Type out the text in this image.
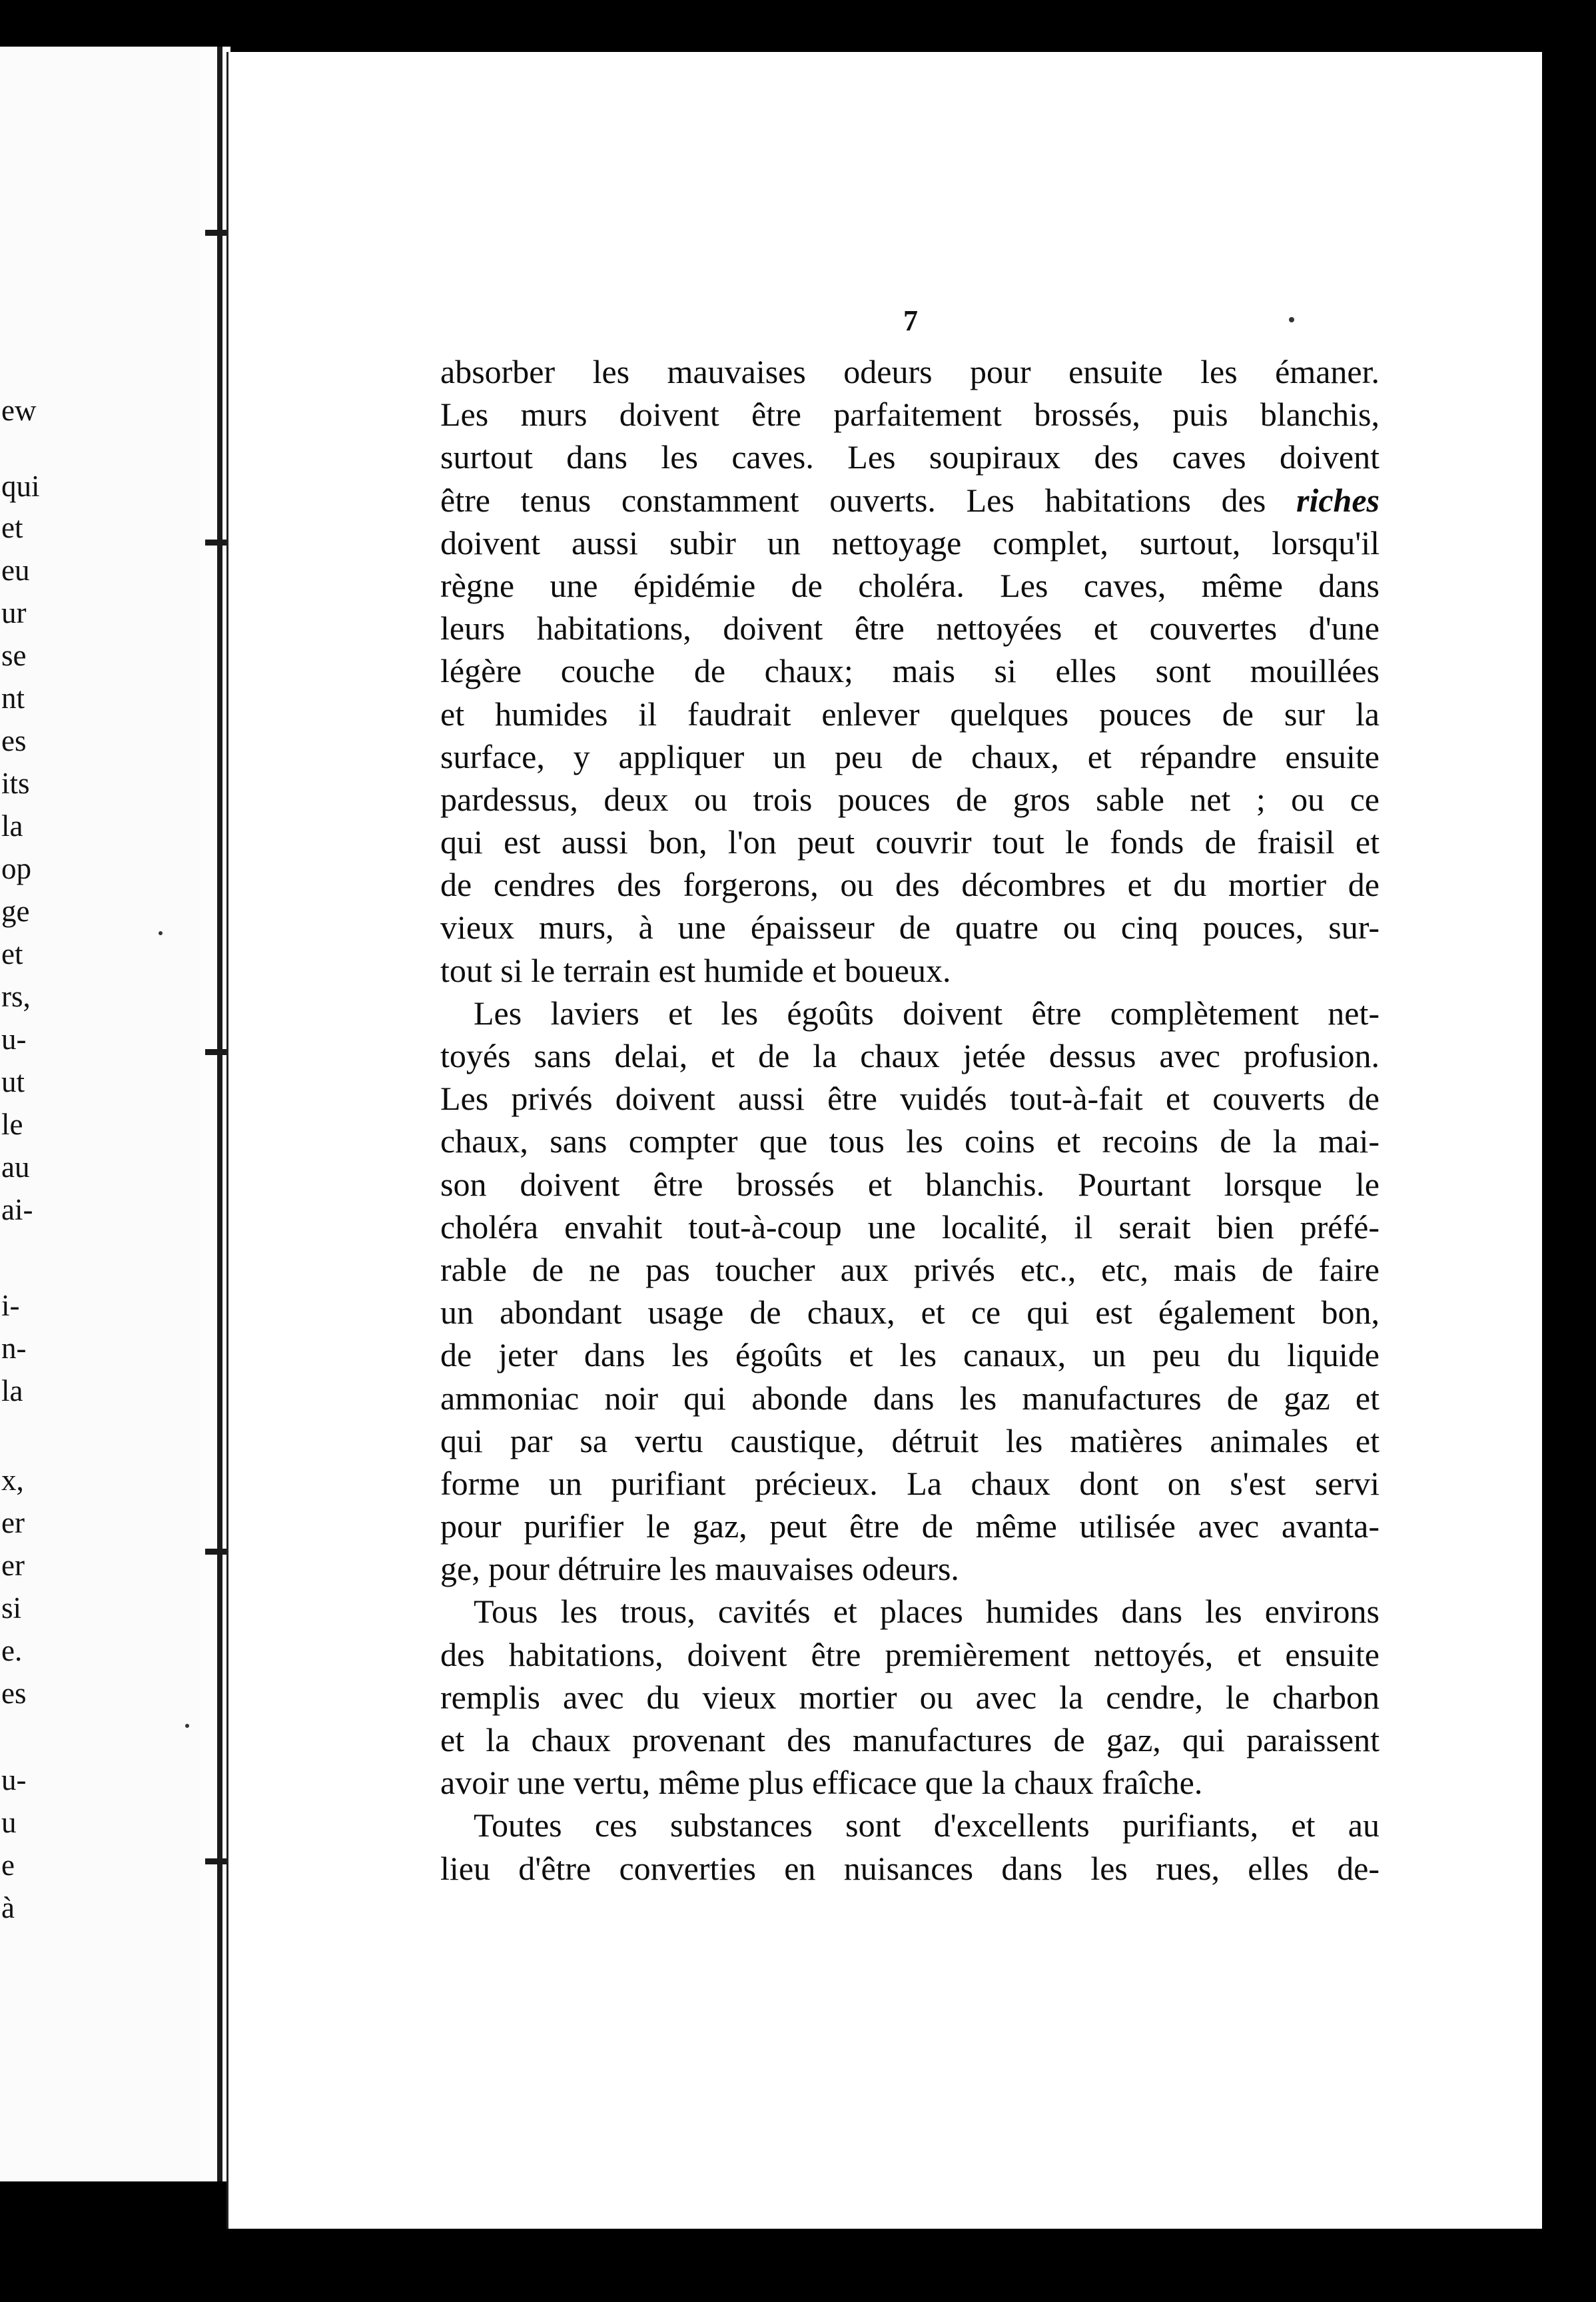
ew
qui
et
eu
ur
se
nt
es
its
la
op
ge
et
rs,
u-
ut
le
au
ai-
i-
n-
la
x,
er
er
si
e.
es
u-
u
e
à
7
absorber les mauvaises odeurs pour ensuite les émaner.
Les murs doivent être parfaitement brossés, puis blanchis,
surtout dans les caves. Les soupiraux des caves doivent
être tenus constamment ouverts. Les habitations des riches
doivent aussi subir un nettoyage complet, surtout, lorsqu'il
règne une épidémie de choléra. Les caves, même dans
leurs habitations, doivent être nettoyées et couvertes d'une
légère couche de chaux; mais si elles sont mouillées
et humides il faudrait enlever quelques pouces de sur la
surface, y appliquer un peu de chaux, et répandre ensuite
pardessus, deux ou trois pouces de gros sable net ; ou ce
qui est aussi bon, l'on peut couvrir tout le fonds de fraisil et
de cendres des forgerons, ou des décombres et du mortier de
vieux murs, à une épaisseur de quatre ou cinq pouces, sur-
tout si le terrain est humide et boueux.
Les laviers et les égoûts doivent être complètement net-
toyés sans delai, et de la chaux jetée dessus avec profusion.
Les privés doivent aussi être vuidés tout-à-fait et couverts de
chaux, sans compter que tous les coins et recoins de la mai-
son doivent être brossés et blanchis. Pourtant lorsque le
choléra envahit tout-à-coup une localité, il serait bien préfé-
rable de ne pas toucher aux privés etc., etc, mais de faire
un abondant usage de chaux, et ce qui est également bon,
de jeter dans les égoûts et les canaux, un peu du liquide
ammoniac noir qui abonde dans les manufactures de gaz et
qui par sa vertu caustique, détruit les matières animales et
forme un purifiant précieux. La chaux dont on s'est servi
pour purifier le gaz, peut être de même utilisée avec avanta-
ge, pour détruire les mauvaises odeurs.
Tous les trous, cavités et places humides dans les environs
des habitations, doivent être premièrement nettoyés, et ensuite
remplis avec du vieux mortier ou avec la cendre, le charbon
et la chaux provenant des manufactures de gaz, qui paraissent
avoir une vertu, même plus efficace que la chaux fraîche.
Toutes ces substances sont d'excellents purifiants, et au
lieu d'être converties en nuisances dans les rues, elles de-
